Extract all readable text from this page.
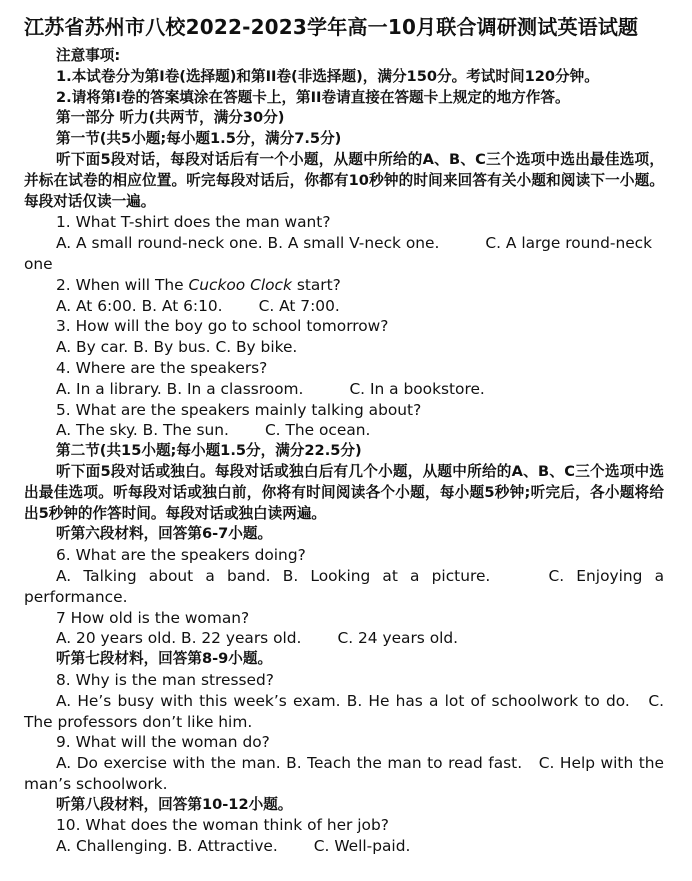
江苏省苏州市八校2022-2023学年高一10月联合调研测试英语试题

注意事项:

1.本试卷分为第I卷(选择题)和第II卷(非选择题)，满分150分。考试时间120分钟。

2.请将第I卷的答案填涂在答题卡上，第II卷请直接在答题卡上规定的地方作答。

第一部分 听力(共两节，满分30分)

第一节(共5小题;每小题1.5分，满分7.5分)

听下面5段对话，每段对话后有一个小题，从题中所给的A、B、C三个选项中选出最佳选项，并标在试卷的相应位置。听完每段对话后，你都有10秒钟的时间来回答有关小题和阅读下一小题。每段对话仅读一遍。

1. What T-shirt does the man want?

A. A small round-neck one. B. A small V-neck one.	C. A large round-neck one

2. When will The Cuckoo Clock start?

A. At 6:00. B. At 6:10. C. At 7:00.

3. How will the boy go to school tomorrow?

A. By car. B. By bus. C. By bike.

4. Where are the speakers?

A. In a library. B. In a classroom.	C. In a bookstore.

5. What are the speakers mainly talking about?

A. The sky. B. The sun. C. The ocean.

第二节(共15小题;每小题1.5分，满分22.5分)

听下面5段对话或独白。每段对话或独白后有几个小题，从题中所给的A、B、C三个选项中选出最佳选项。听每段对话或独白前，你将有时间阅读各个小题，每小题5秒钟;听完后，各小题将给出5秒钟的作答时间。每段对话或独白读两遍。

听第六段材料，回答第6-7小题。

6. What are the speakers doing?

A. Talking about a band. B. Looking at a picture.	C. Enjoying a performance.

7 How old is the woman?

A. 20 years old. B. 22 years old. C. 24 years old.

听第七段材料，回答第8-9小题。

8. Why is the man stressed?

A. He’s busy with this week’s exam. B. He has a lot of schoolwork to do. C. The professors don’t like him.

9. What will the woman do?

A. Do exercise with the man. B. Teach the man to read fast. C. Help with the man’s schoolwork.

听第八段材料，回答第10-12小题。

10. What does the woman think of her job?

A. Challenging. B. Attractive. C. Well-paid.
